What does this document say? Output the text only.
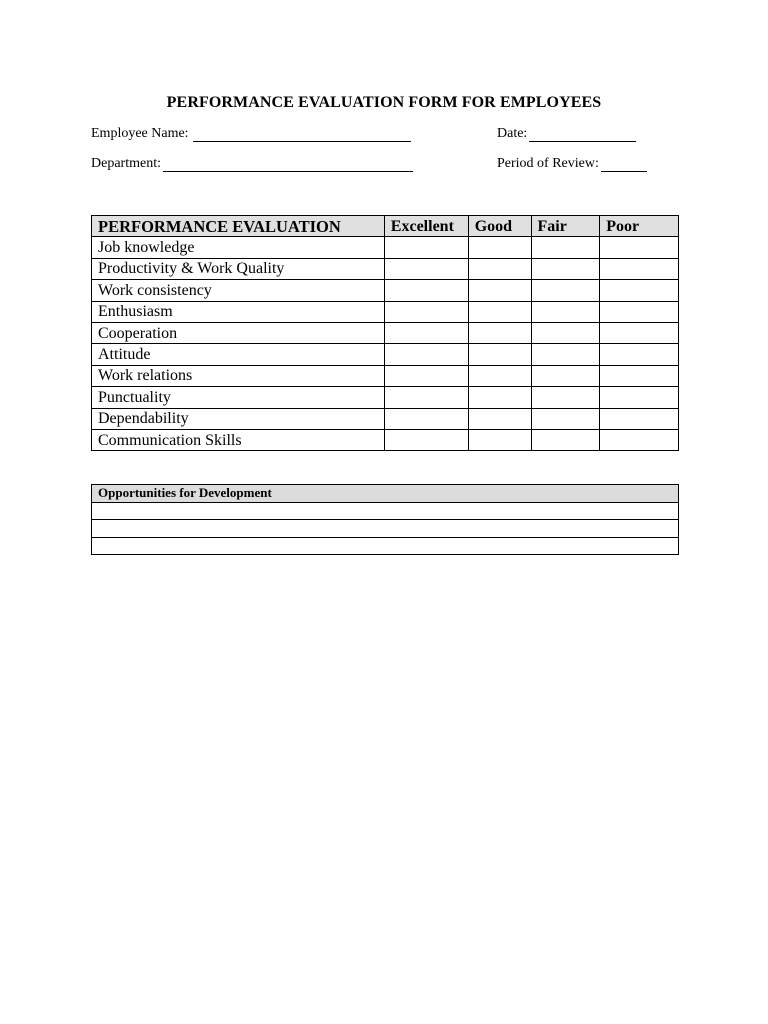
PERFORMANCE EVALUATION FORM FOR EMPLOYEES
Employee Name:	Date:
Department:	Period of Review:
PERFORMANCE EVALUATION	Excellent	Good	Fair	Poor
Job knowledge				
Productivity & Work Quality				
Work consistency				
Enthusiasm				
Cooperation				
Attitude				
Work relations				
Punctuality				
Dependability				
Communication Skills				
Opportunities for Development
